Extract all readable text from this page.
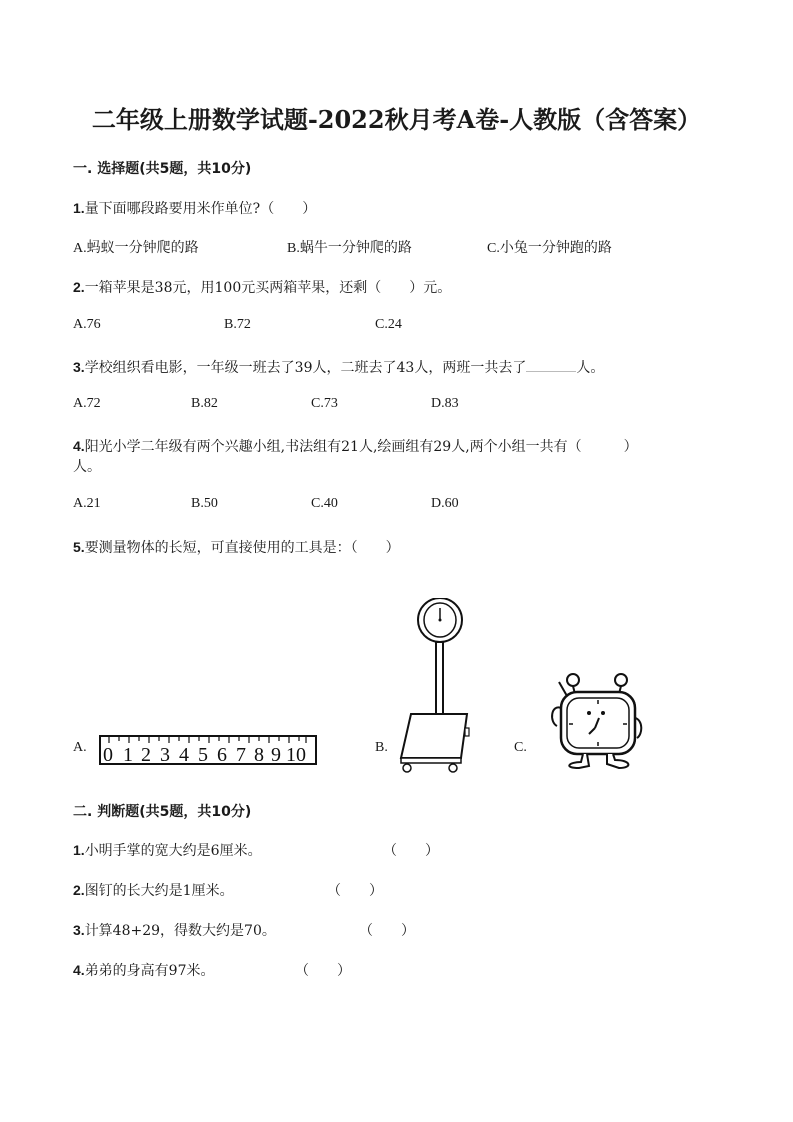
二年级上册数学试题-2022秋月考A卷-人教版（含答案）
一. 选择题(共5题，共10分)
1.量下面哪段路要用米作单位?（　　）
A.蚂蚁一分钟爬的路	B.蜗牛一分钟爬的路	C.小兔一分钟跑的路
2.一箱苹果是38元，用100元买两箱苹果，还剩（　　）元。
A.76	B.72	C.24
3.学校组织看电影，一年级一班去了39人，二班去了43人，两班一共去了	人。
A.72	B.82	C.73	D.83
4.阳光小学二年级有两个兴趣小组,书法组有21人,绘画组有29人,两个小组一共有（　　　）
人。
A.21	B.50	C.40	D.60
5.要测量物体的长短，可直接使用的工具是：（　　）
A. 0 1 2 3 4 5 6 7 8 9 10	B.	C.
二. 判断题(共5题，共10分)
1.小明手掌的宽大约是6厘米。	（　　）
2.图钉的长大约是1厘米。	（　　）
3.计算48+29，得数大约是70。	（　　）
4.弟弟的身高有97米。	（　　）
